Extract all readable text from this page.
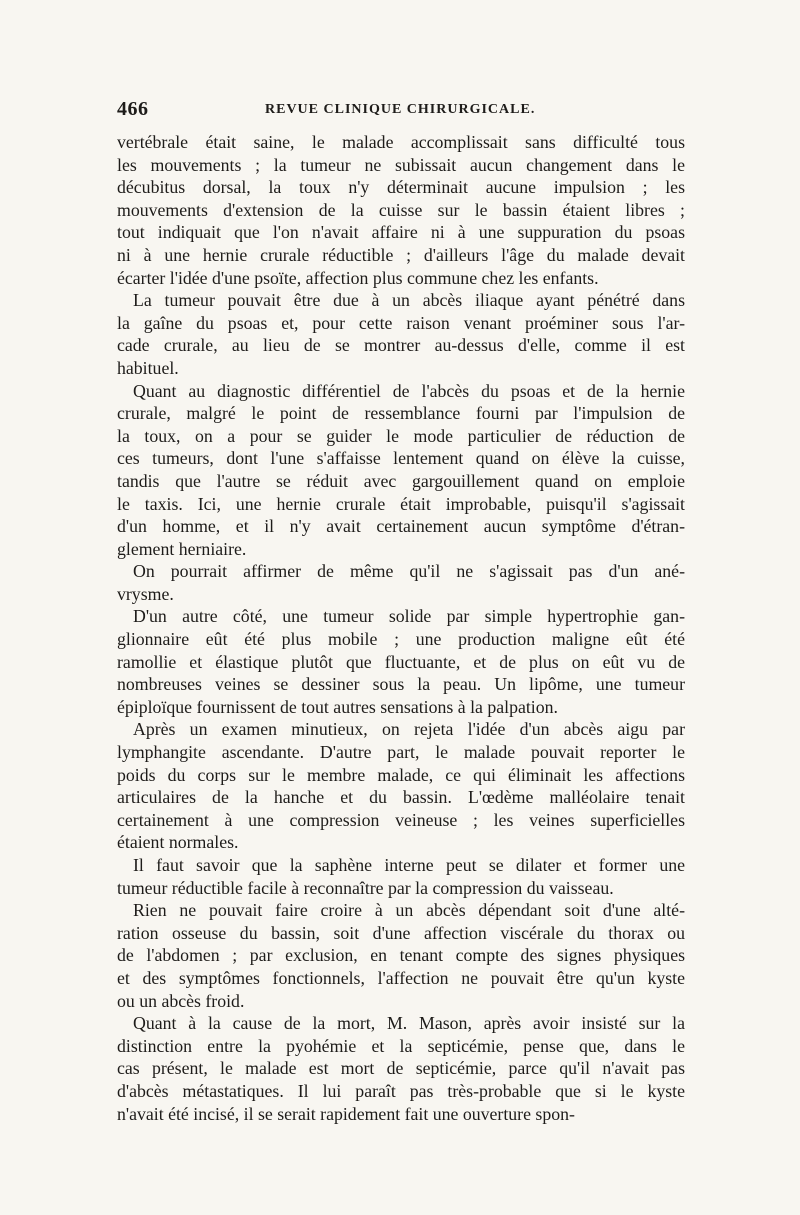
466	REVUE CLINIQUE CHIRURGICALE.
vertébrale était saine, le malade accomplissait sans difficulté tous
les mouvements ; la tumeur ne subissait aucun changement dans le
décubitus dorsal, la toux n'y déterminait aucune impulsion ; les
mouvements d'extension de la cuisse sur le bassin étaient libres ;
tout indiquait que l'on n'avait affaire ni à une suppuration du psoas
ni à une hernie crurale réductible ; d'ailleurs l'âge du malade devait
écarter l'idée d'une psoïte, affection plus commune chez les enfants.
La tumeur pouvait être due à un abcès iliaque ayant pénétré dans
la gaîne du psoas et, pour cette raison venant proéminer sous l'ar-
cade crurale, au lieu de se montrer au-dessus d'elle, comme il est
habituel.
Quant au diagnostic différentiel de l'abcès du psoas et de la hernie
crurale, malgré le point de ressemblance fourni par l'impulsion de
la toux, on a pour se guider le mode particulier de réduction de
ces tumeurs, dont l'une s'affaisse lentement quand on élève la cuisse,
tandis que l'autre se réduit avec gargouillement quand on emploie
le taxis. Ici, une hernie crurale était improbable, puisqu'il s'agissait
d'un homme, et il n'y avait certainement aucun symptôme d'étran-
glement herniaire.
On pourrait affirmer de même qu'il ne s'agissait pas d'un ané-
vrysme.
D'un autre côté, une tumeur solide par simple hypertrophie gan-
glionnaire eût été plus mobile ; une production maligne eût été
ramollie et élastique plutôt que fluctuante, et de plus on eût vu de
nombreuses veines se dessiner sous la peau. Un lipôme, une tumeur
épiploïque fournissent de tout autres sensations à la palpation.
Après un examen minutieux, on rejeta l'idée d'un abcès aigu par
lymphangite ascendante. D'autre part, le malade pouvait reporter le
poids du corps sur le membre malade, ce qui éliminait les affections
articulaires de la hanche et du bassin. L'œdème malléolaire tenait
certainement à une compression veineuse ; les veines superficielles
étaient normales.
Il faut savoir que la saphène interne peut se dilater et former une
tumeur réductible facile à reconnaître par la compression du vaisseau.
Rien ne pouvait faire croire à un abcès dépendant soit d'une alté-
ration osseuse du bassin, soit d'une affection viscérale du thorax ou
de l'abdomen ; par exclusion, en tenant compte des signes physiques
et des symptômes fonctionnels, l'affection ne pouvait être qu'un kyste
ou un abcès froid.
Quant à la cause de la mort, M. Mason, après avoir insisté sur la
distinction entre la pyohémie et la septicémie, pense que, dans le
cas présent, le malade est mort de septicémie, parce qu'il n'avait pas
d'abcès métastatiques. Il lui paraît pas très-probable que si le kyste
n'avait été incisé, il se serait rapidement fait une ouverture spon-
